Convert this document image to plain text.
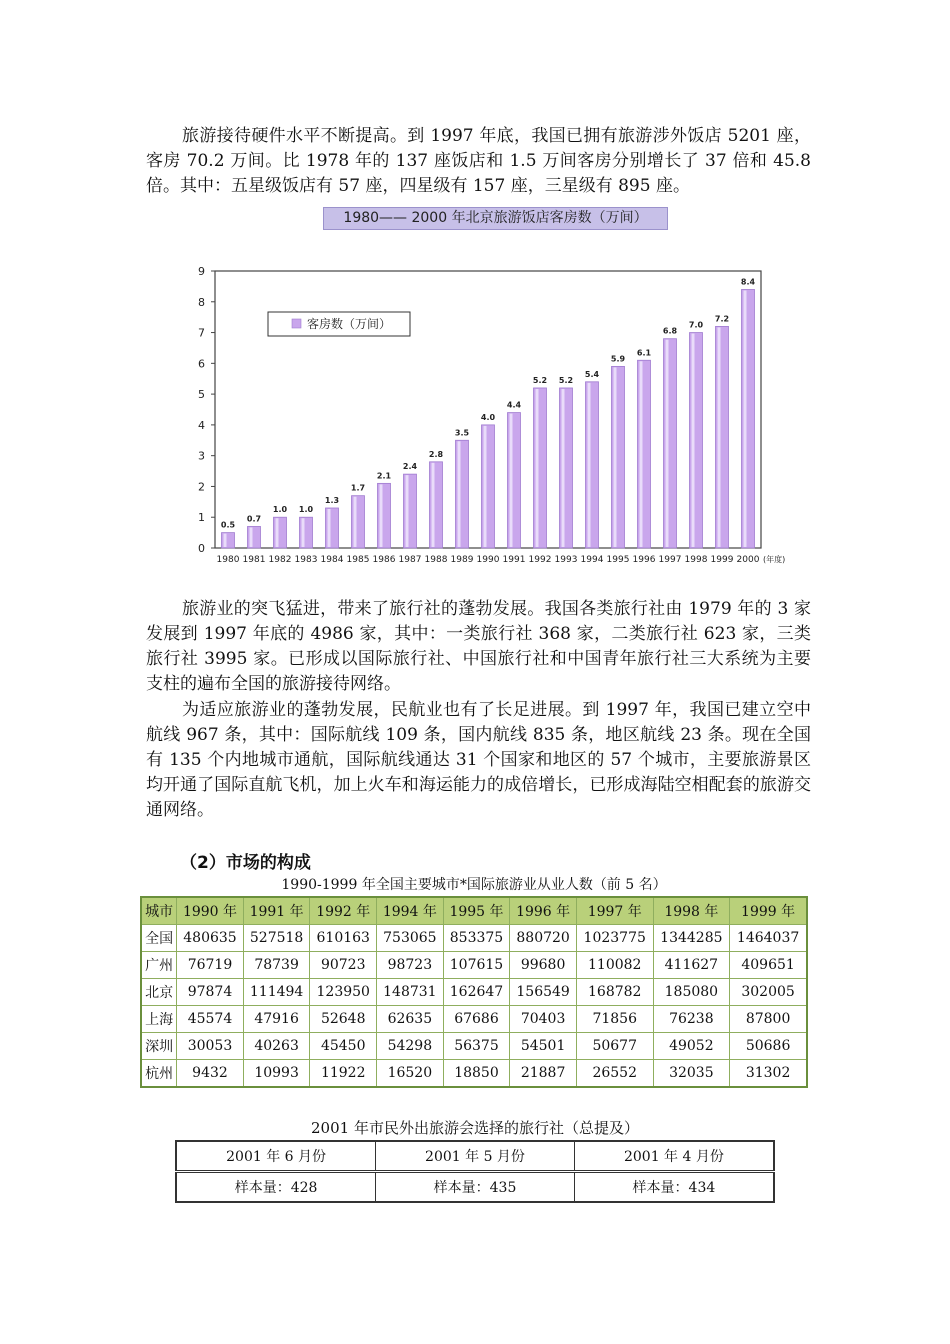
旅游接待硬件水平不断提高。到 1997 年底，我国已拥有旅游涉外饭店 5201 座，客房 70.2 万间。比 1978 年的 137 座饭店和 1.5 万间客房分别增长了 37 倍和 45.8 倍。其中：五星级饭店有 57 座，四星级有 157 座，三星级有 895 座。

1980—— 2000 年北京旅游饭店客房数（万间）
0
1
2
3
4
5
6
7
8
9
0.5
1980
0.7
1981
1.0
1982
1.0
1983
1.3
1984
1.7
1985
2.1
1986
2.4
1987
2.8
1988
3.5
1989
4.0
1990
4.4
1991
5.2
1992
5.2
1993
5.4
1994
5.9
1995
6.1
1996
6.8
1997
7.0
1998
7.2
1999
8.4
2000 (年度)
客房数（万间）

旅游业的突飞猛进，带来了旅行社的蓬勃发展。我国各类旅行社由 1979 年的 3 家发展到 1997 年底的 4986 家，其中：一类旅行社 368 家，二类旅行社 623 家，三类旅行社 3995 家。已形成以国际旅行社、中国旅行社和中国青年旅行社三大系统为主要支柱的遍布全国的旅游接待网络。

为适应旅游业的蓬勃发展，民航业也有了长足进展。到 1997 年，我国已建立空中航线 967 条，其中：国际航线 109 条，国内航线 835 条，地区航线 23 条。现在全国有 135 个内地城市通航，国际航线通达 31 个国家和地区的 57 个城市，主要旅游景区均开通了国际直航飞机，加上火车和海运能力的成倍增长，已形成海陆空相配套的旅游交通网络。

（2）市场的构成
1990-1999 年全国主要城市*国际旅游业从业人数（前 5 名）
城市	1990 年	1991 年	1992 年	1994 年	1995 年	1996 年	1997 年	1998 年	1999 年
全国	480635	527518	610163	753065	853375	880720	1023775	1344285	1464037
广州	76719	78739	90723	98723	107615	99680	110082	411627	409651
北京	97874	111494	123950	148731	162647	156549	168782	185080	302005
上海	45574	47916	52648	62635	67686	70403	71856	76238	87800
深圳	30053	40263	45450	54298	56375	54501	50677	49052	50686
杭州	9432	10993	11922	16520	18850	21887	26552	32035	31302
2001 年市民外出旅游会选择的旅行社（总提及）
2001 年 6 月份	2001 年 5 月份	2001 年 4 月份
样本量：428	样本量：435	样本量：434
